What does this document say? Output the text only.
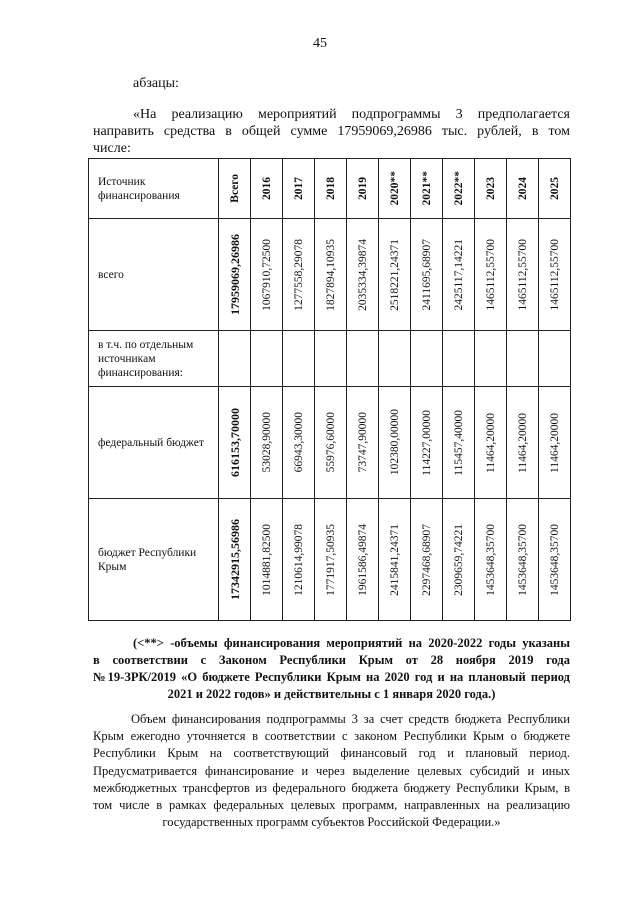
45
абзацы:
«На реализацию мероприятий подпрограммы 3 предполагается
направить средства в общей сумме 17959069,26986 тыс. рублей, в том
числе:
Источник финансирования	Всего	2016	2017	2018	2019	2020**	2021**	2022**	2023	2024	2025

всего	17959069,26986	1067910,72500	1277558,29078	1827894,10935	2035334,39874	2518221,24371	2411695,68907	2425117,14221	1465112,55700	1465112,55700	1465112,55700

в т.ч. по отдельным источникам финансирования:											
федеральный бюджет	616153,70000	53028,90000	66943,30000	55976,60000	73747,90000	102380,00000	114227,00000	115457,40000	11464,20000	11464,20000	11464,20000

бюджет Республики Крым	17342915,56986	1014881,82500	1210614,99078	1771917,50935	1961586,49874	2415841,24371	2297468,68907	2309659,74221	1453648,35700	1453648,35700	1453648,35700
(<**> -объемы финансирования мероприятий на 2020-2022 годы указаны
в соответствии с Законом Республики Крым от 28 ноября 2019 года
№19-ЗРК/2019 «О бюджете Республики Крым на 2020 год и на плановый период
2021 и 2022 годов» и действительны с 1 января 2020 года.)
Объем финансирования подпрограммы 3 за счет средств бюджета Республики
Крым ежегодно уточняется в соответствии с законом Республики Крым о бюджете
Республики Крым на соответствующий финансовый год и плановый период.
Предусматривается финансирование и через выделение целевых субсидий и иных
межбюджетных трансфертов из федерального бюджета бюджету Республики Крым, в
том числе в рамках федеральных целевых программ, направленных на реализацию
государственных программ субъектов Российской Федерации.»
